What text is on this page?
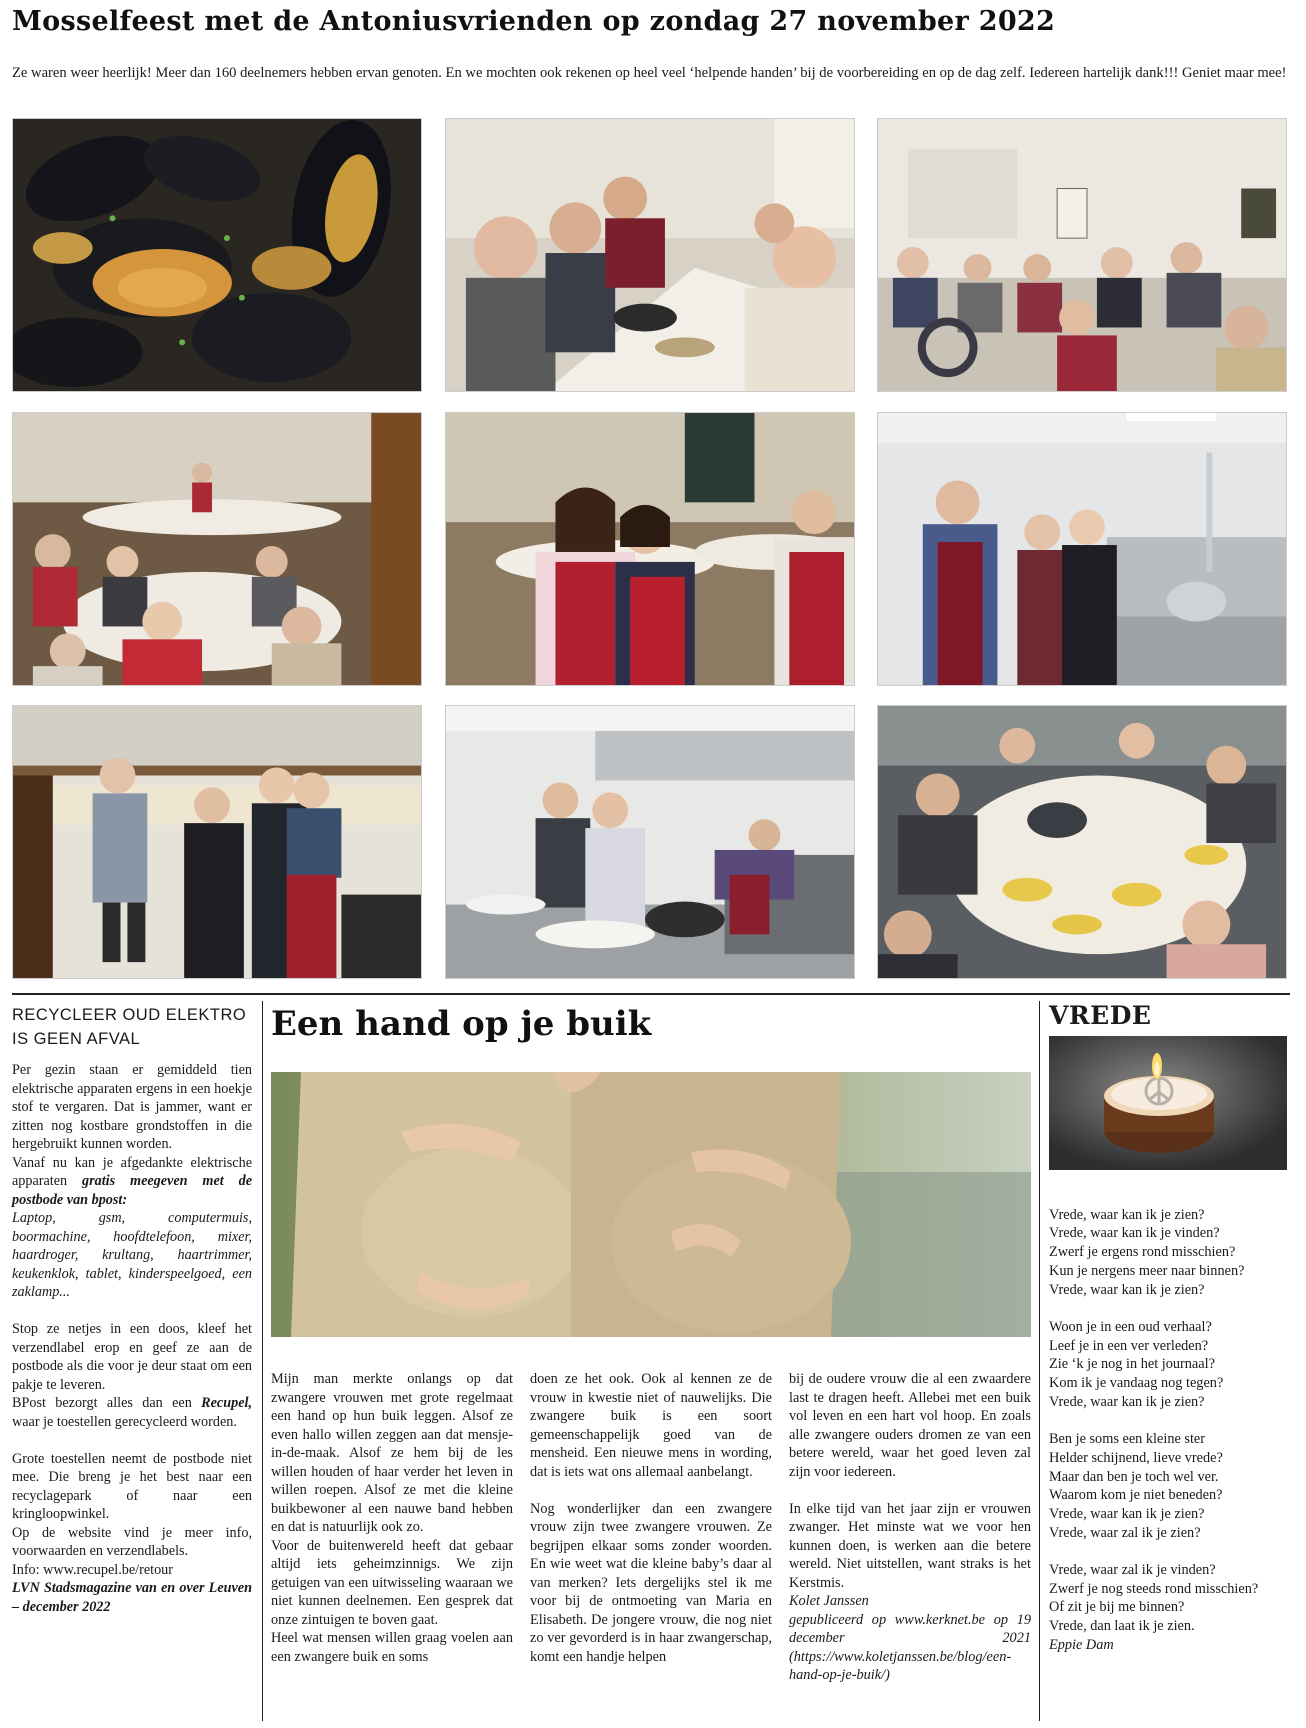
Mosselfeest met de Antoniusvrienden op zondag 27 november 2022

Ze waren weer heerlijk! Meer dan 160 deelnemers hebben ervan genoten. En we mochten ook rekenen op heel veel ‘helpende handen’ bij de voorbereiding en op de dag zelf. Iedereen hartelijk dank!!! Geniet maar mee!

RECYCLEER OUD ELEKTRO
IS GEEN AFVAL

Per gezin staan er gemiddeld tien elektrische apparaten ergens in een hoekje stof te vergaren. Dat is jammer, want er zitten nog kostbare grondstoffen in die hergebruikt kunnen worden.

Vanaf nu kan je afgedankte elektrische apparaten gratis meegeven met de postbode van bpost:

Laptop, gsm, computermuis, boormachine, hoofdtelefoon, mixer, haardroger, krultang, haartrimmer, keukenklok, tablet, kinderspeelgoed, een zaklamp...

Stop ze netjes in een doos, kleef het verzendlabel erop en geef ze aan de postbode als die voor je deur staat om een pakje te leveren.

BPost bezorgt alles dan een Recupel, waar je toestellen gerecycleerd worden.

Grote toestellen neemt de postbode niet mee. Die breng je het best naar een recyclagepark of naar een kringloopwinkel.

Op de website vind je meer info, voorwaarden en verzendlabels.

Info: www.recupel.be/retour

LVN Stadsmagazine van en over Leuven – december 2022

Een hand op je buik

Mijn man merkte onlangs op dat zwangere vrouwen met grote regelmaat een hand op hun buik leggen. Alsof ze even hallo willen zeggen aan dat mensje-in-de-maak. Alsof ze hem bij de les willen houden of haar verder het leven in willen roepen. Alsof ze met die kleine buikbewoner al een nauwe band hebben en dat is natuurlijk ook zo.

Voor de buitenwereld heeft dat gebaar altijd iets geheimzinnigs. We zijn getuigen van een uitwisseling waaraan we niet kunnen deelnemen. Een gesprek dat onze zintuigen te boven gaat.

Heel wat mensen willen graag voelen aan een zwangere buik en soms

doen ze het ook. Ook al kennen ze de vrouw in kwestie niet of nauwelijks. Die zwangere buik is een soort gemeenschappelijk goed van de mensheid. Een nieuwe mens in wording, dat is iets wat ons allemaal aanbelangt.

Nog wonderlijker dan een zwangere vrouw zijn twee zwangere vrouwen. Ze begrijpen elkaar soms zonder woorden. En wie weet wat die kleine baby’s daar al van merken? Iets dergelijks stel ik me voor bij de ontmoeting van Maria en Elisabeth. De jongere vrouw, die nog niet zo ver gevorderd is in haar zwangerschap, komt een handje helpen

bij de oudere vrouw die al een zwaardere last te dragen heeft. Allebei met een buik vol leven en een hart vol hoop. En zoals alle zwangere ouders dromen ze van een betere wereld, waar het goed leven zal zijn voor iedereen.

In elke tijd van het jaar zijn er vrouwen zwanger. Het minste wat we voor hen kunnen doen, is werken aan die betere wereld. Niet uitstellen, want straks is het Kerstmis.

Kolet Janssen

gepubliceerd op www.kerknet.be op 19 december 2021 (https://www.koletjanssen.be/blog/een-hand-op-je-buik/)

VREDE

Vrede, waar kan ik je zien?

Vrede, waar kan ik je vinden?

Zwerf je ergens rond misschien?

Kun je nergens meer naar binnen?

Vrede, waar kan ik je zien?

Woon je in een oud verhaal?

Leef je in een ver verleden?

Zie ‘k je nog in het journaal?

Kom ik je vandaag nog tegen?

Vrede, waar kan ik je zien?

Ben je soms een kleine ster

Helder schijnend, lieve vrede?

Maar dan ben je toch wel ver.

Waarom kom je niet beneden?

Vrede, waar kan ik je zien?

Vrede, waar zal ik je zien?

Vrede, waar zal ik je vinden?

Zwerf je nog steeds rond misschien?

Of zit je bij me binnen?

Vrede, dan laat ik je zien.

Eppie Dam
